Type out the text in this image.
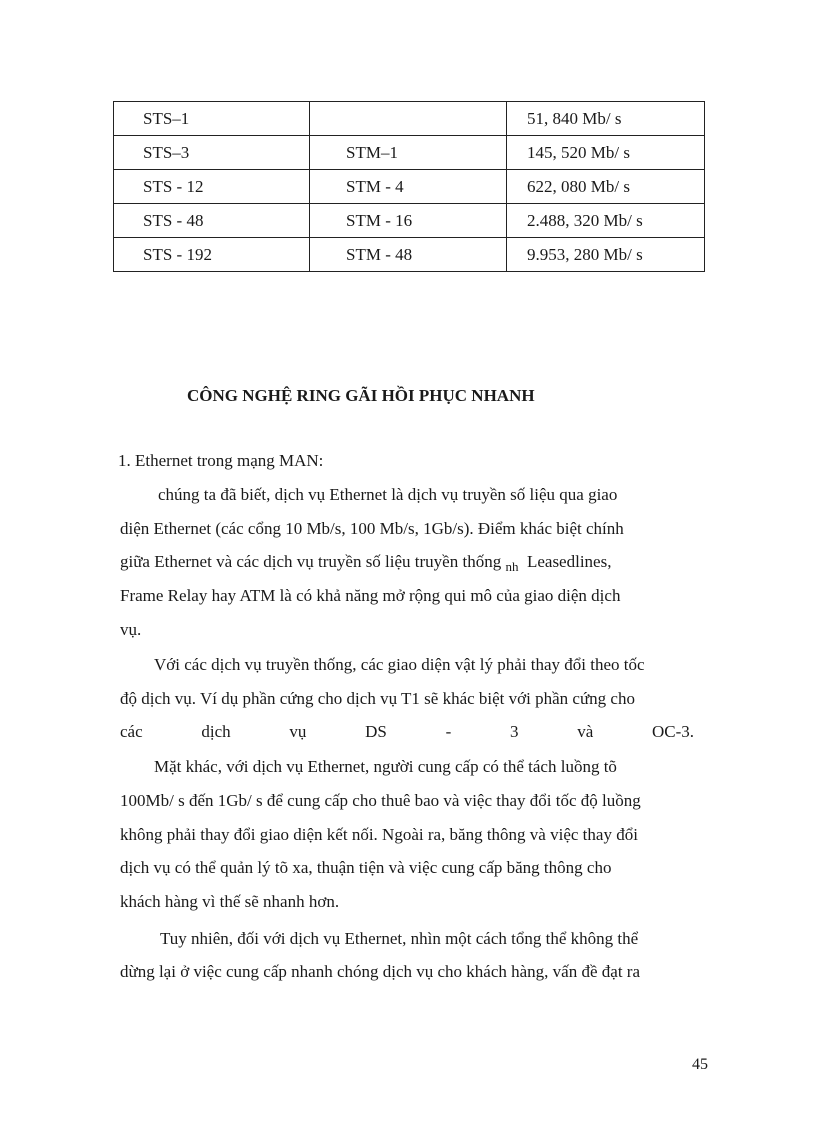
STS–1		51, 840 Mb/ s
STS–3	STM–1	145, 520 Mb/ s
STS - 12	STM - 4	622, 080 Mb/ s
STS - 48	STM - 16	2.488, 320 Mb/ s
STS - 192	STM - 48	9.953, 280 Mb/ s
CÔNG NGHỆ RING GÃI HỒI PHỤC NHANH
1. Ethernet trong mạng MAN:
chúng ta đã biết, dịch vụ Ethernet là dịch vụ truyền số liệu qua giao
diện Ethernet (các cổng 10 Mb/s, 100 Mb/s, 1Gb/s). Điểm khác biệt chính
giữa Ethernet và các dịch vụ truyền số liệu truyền thống $_{nh}$ Leasedlines,
Frame Relay hay ATM là có khả năng mở rộng qui mô của giao diện dịch
vụ.
Với các dịch vụ truyền thống, các giao diện vật lý phải thay đổi theo tốc
độ dịch vụ. Ví dụ phần cứng cho dịch vụ T1 sẽ khác biệt với phần cứng cho
các dịch vụ DS - 3 và OC-3.
Mặt khác, với dịch vụ Ethernet, người cung cấp có thể tách luồng tõ
100Mb/ s đến 1Gb/ s để cung cấp cho thuê bao và việc thay đổi tốc độ luồng
không phải thay đổi giao diện kết nối. Ngoài ra, băng thông và việc thay đổi
dịch vụ có thể quản lý tõ xa, thuận tiện và việc cung cấp băng thông cho
khách hàng vì thế sẽ nhanh hơn.
Tuy nhiên, đối với dịch vụ Ethernet, nhìn một cách tổng thể không thể
dừng lại ở việc cung cấp nhanh chóng dịch vụ cho khách hàng, vấn đề đạt ra
45
